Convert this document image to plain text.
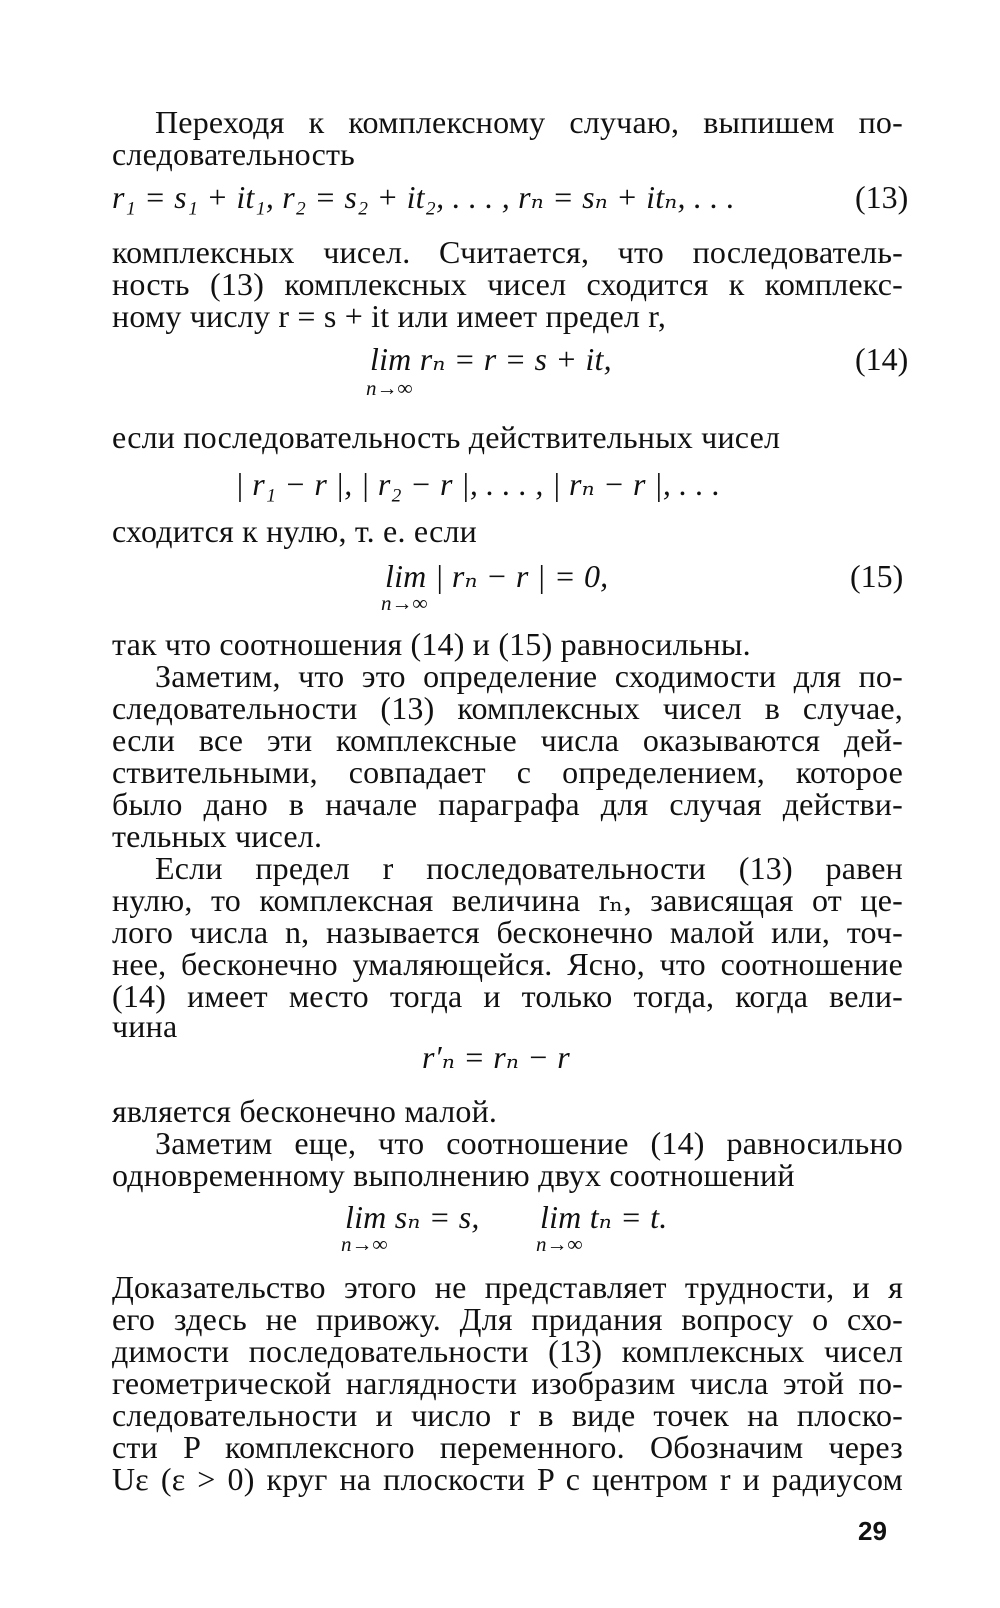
Переходя к комплексному случаю, выпишем по-
следовательность
r₁ = s₁ + it₁, r₂ = s₂ + it₂, . . . , rₙ = sₙ + itₙ, . . .	(13)
комплексных чисел. Считается, что последователь-
ность (13) комплексных чисел сходится к комплекс-
ному числу r = s + it или имеет предел r,
lim rₙ = r = s + it,
n→∞
(14)
если последовательность действительных чисел
| r₁ − r |, | r₂ − r |, . . . , | rₙ − r |, . . .
сходится к нулю, т. е. если
lim | rₙ − r | = 0,
n→∞
(15)
так что соотношения (14) и (15) равносильны.
Заметим, что это определение сходимости для по-
следовательности (13) комплексных чисел в случае,
если все эти комплексные числа оказываются дей-
ствительными, совпадает с определением, которое
было дано в начале параграфа для случая действи-
тельных чисел.
Если предел r последовательности (13) равен
нулю, то комплексная величина rₙ, зависящая от це-
лого числа n, называется бесконечно малой или, точ-
нее, бесконечно умаляющейся. Ясно, что соотношение
(14) имеет место тогда и только тогда, когда вели-
чина
r′ₙ = rₙ − r
является бесконечно малой.
Заметим еще, что соотношение (14) равносильно
одновременному выполнению двух соотношений
lim sₙ = s,
n→∞
lim tₙ = t.
n→∞
Доказательство этого не представляет трудности, и я
его здесь не привожу. Для придания вопросу о схо-
димости последовательности (13) комплексных чисел
геометрической наглядности изобразим числа этой по-
следовательности и число r в виде точек на плоско-
сти P комплексного переменного. Обозначим через
Uε (ε > 0) круг на плоскости P с центром r и радиусом
29
